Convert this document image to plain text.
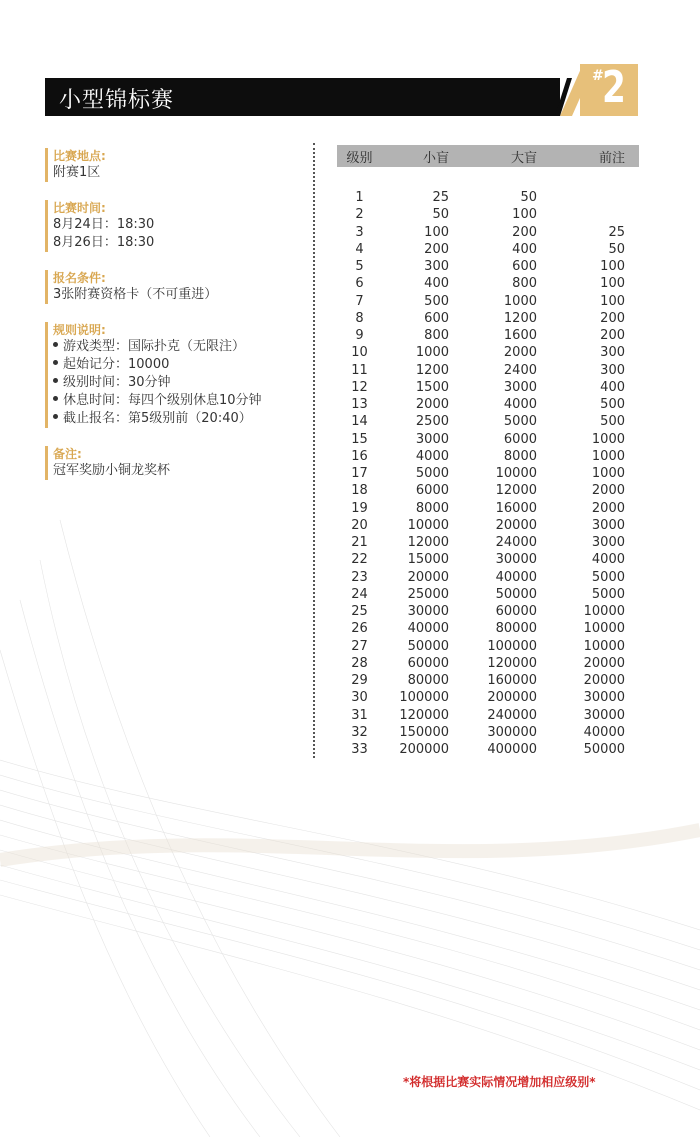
小型锦标赛
#
2
比赛地点:
附赛1区
比赛时间:
8月24日：18:30
8月26日：18:30
报名条件:
3张附赛资格卡（不可重进）
规则说明:
游戏类型：国际扑克（无限注）
起始记分：10000
级别时间：30分钟
休息时间：每四个级别休息10分钟
截止报名：第5级别前（20:40）
备注:
冠军奖励小铜龙奖杯
级别	小盲	大盲	前注
1	25	50
2	50	100
3	100	200	25
4	200	400	50
5	300	600	100
6	400	800	100
7	500	1000	100
8	600	1200	200
9	800	1600	200
10	1000	2000	300
11	1200	2400	300
12	1500	3000	400
13	2000	4000	500
14	2500	5000	500
15	3000	6000	1000
16	4000	8000	1000
17	5000	10000	1000
18	6000	12000	2000
19	8000	16000	2000
20	10000	20000	3000
21	12000	24000	3000
22	15000	30000	4000
23	20000	40000	5000
24	25000	50000	5000
25	30000	60000	10000
26	40000	80000	10000
27	50000	100000	10000
28	60000	120000	20000
29	80000	160000	20000
30	100000	200000	30000
31	120000	240000	30000
32	150000	300000	40000
33	200000	400000	50000
*将根据比赛实际情况增加相应级别*
